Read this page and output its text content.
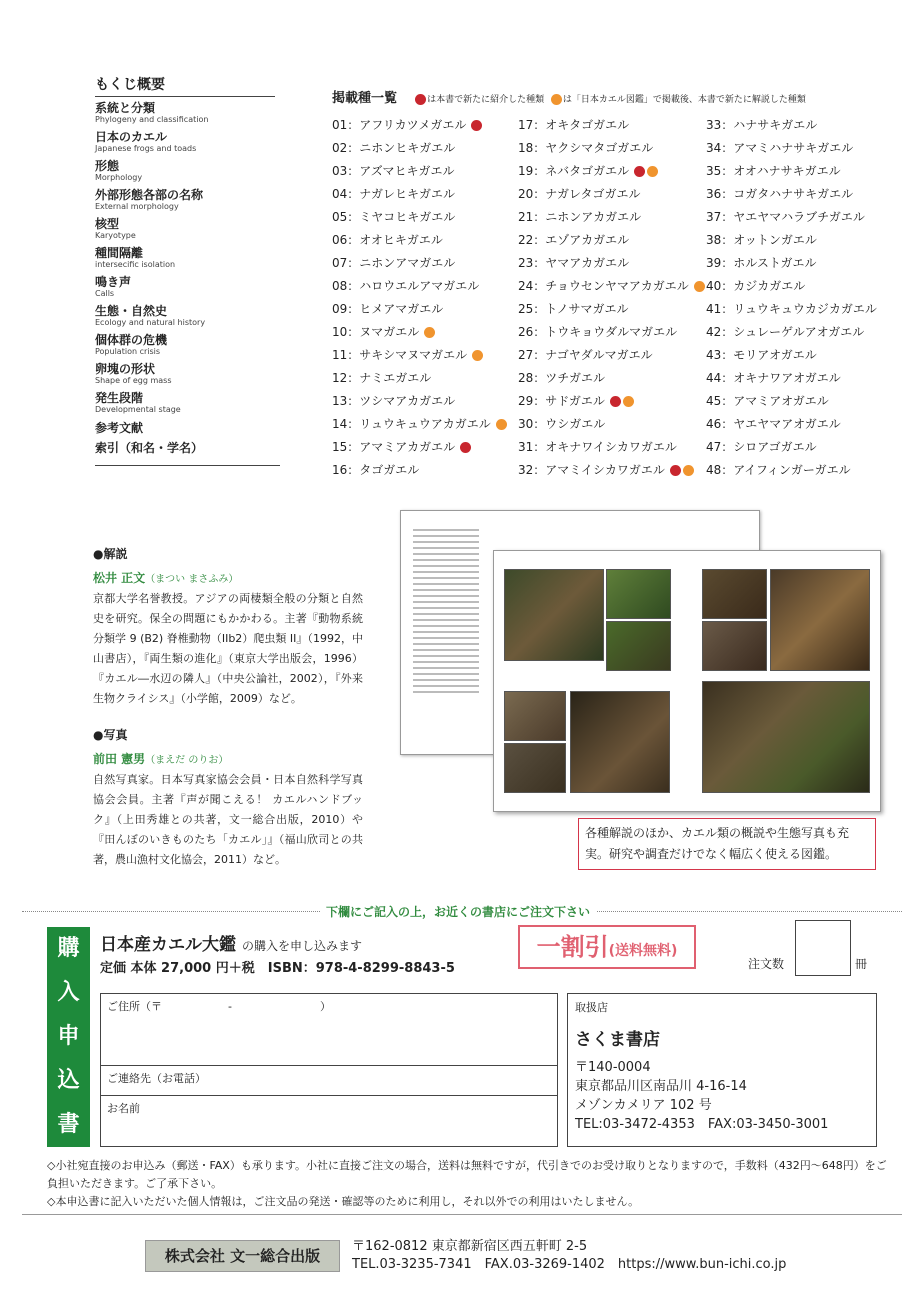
もくじ概要
系統と分類
Phylogeny and classification
日本のカエル
Japanese frogs and toads
形態
Morphology
外部形態各部の名称
External morphology
核型
Karyotype
種間隔離
intersecific isolation
鳴き声
Calls
生態・自然史
Ecology and natural history
個体群の危機
Population crisis
卵塊の形状
Shape of egg mass
発生段階
Developmental stage
参考文献
索引（和名・学名）
掲載種一覧	は本書で新たに紹介した種類 は「日本カエル図鑑」で掲載後、本書で新たに解説した種類
01：アフリカツメガエル
02：ニホンヒキガエル
03：アズマヒキガエル
04：ナガレヒキガエル
05：ミヤコヒキガエル
06：オオヒキガエル
07：ニホンアマガエル
08：ハロウエルアマガエル
09：ヒメアマガエル
10：ヌマガエル
11：サキシマヌマガエル
12：ナミエガエル
13：ツシマアカガエル
14：リュウキュウアカガエル
15：アマミアカガエル
16：タゴガエル
17：オキタゴガエル
18：ヤクシマタゴガエル
19：ネバタゴガエル
20：ナガレタゴガエル
21：ニホンアカガエル
22：エゾアカガエル
23：ヤマアカガエル
24：チョウセンヤマアカガエル
25：トノサマガエル
26：トウキョウダルマガエル
27：ナゴヤダルマガエル
28：ツチガエル
29：サドガエル
30：ウシガエル
31：オキナワイシカワガエル
32：アマミイシカワガエル
33：ハナサキガエル
34：アマミハナサキガエル
35：オオハナサキガエル
36：コガタハナサキガエル
37：ヤエヤマハラブチガエル
38：オットンガエル
39：ホルストガエル
40：カジカガエル
41：リュウキュウカジカガエル
42：シュレーゲルアオガエル
43：モリアオガエル
44：オキナワアオガエル
45：アマミアオガエル
46：ヤエヤマアオガエル
47：シロアゴガエル
48：アイフィンガーガエル
●解説
松井 正文（まつい まさふみ）
京都大学名誉教授。アジアの両棲類全般の分類と自然史を研究。保全の問題にもかかわる。主著『動物系統分類学 9 (B2) 脊椎動物（IIb2）爬虫類 II』（1992，中山書店），『両生類の進化』（東京大学出版会，1996）『カエル―水辺の隣人』（中央公論社，2002），『外来生物クライシス』（小学館，2009）など。
●写真
前田 憲男（まえだ のりお）
自然写真家。日本写真家協会会員・日本自然科学写真協会会員。主著『声が聞こえる！ カエルハンドブック』（上田秀雄との共著，文一総合出版，2010）や『田んぼのいきものたち「カエル」』（福山欣司との共著，農山漁村文化協会，2011）など。
各種解説のほか、カエル類の概説や生態写真も充実。研究や調査だけでなく幅広く使える図鑑。
下欄にご記入の上，お近くの書店にご注文下さい
購
入
申
込
書
日本産カエル大鑑 の購入を申し込みます
定価 本体 27,000 円＋税　ISBN：978-4-8299-8843-5
一割引(送料無料)
注文数	冊
ご住所（〒　　　　　　-　　　　　　　　）
ご連絡先（お電話）
お名前
取扱店
さくま書店
〒140-0004
東京都品川区南品川 4-16-14
メゾンカメリア 102 号
TEL:03-3472-4353　FAX:03-3450-3001
◇小社宛直接のお申込み（郵送・FAX）も承ります。小社に直接ご注文の場合，送料は無料ですが，代引きでのお受け取りとなりますので，手数料（432円～648円）をご負担いただきます。ご了承下さい。
◇本申込書に記入いただいた個人情報は，ご注文品の発送・確認等のために利用し，それ以外での利用はいたしません。
株式会社 文一総合出版
〒162-0812 東京都新宿区西五軒町 2-5
TEL.03-3235-7341　FAX.03-3269-1402　https://www.bun-ichi.co.jp
